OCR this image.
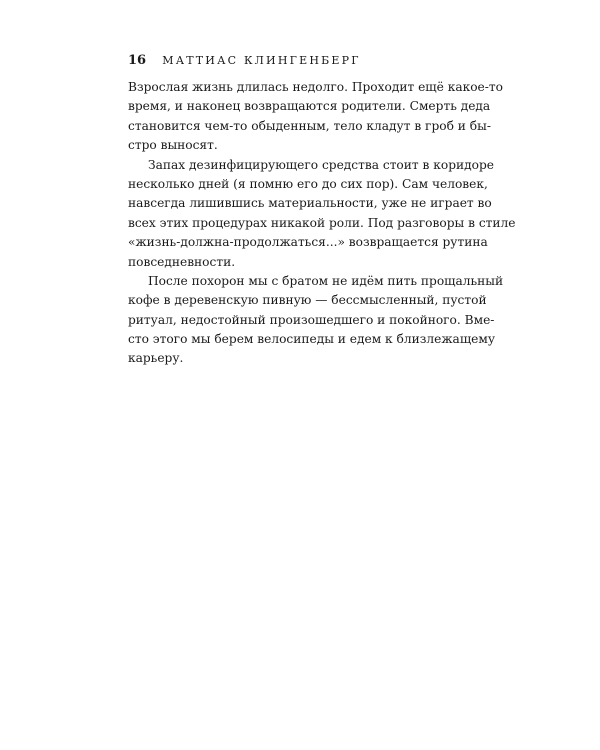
16 МАТТИАС КЛИНГЕНБЕРГ
Взрослая жизнь длилась недолго. Проходит ещё какое-то
время, и наконец возвращаются родители. Смерть деда
становится чем-то обыденным, тело кладут в гроб и бы-
стро выносят.
Запах дезинфицирующего средства стоит в коридоре
несколько дней (я помню его до сих пор). Сам человек,
навсегда лишившись материальности, уже не играет во
всех этих процедурах никакой роли. Под разговоры в стиле
«жизнь-должна-продолжаться...» возвращается рутина
повседневности.
После похорон мы с братом не идём пить прощальный
кофе в деревенскую пивную — бессмысленный, пустой
ритуал, недостойный произошедшего и покойного. Вме-
сто этого мы берем велосипеды и едем к близлежащему
карьеру.
